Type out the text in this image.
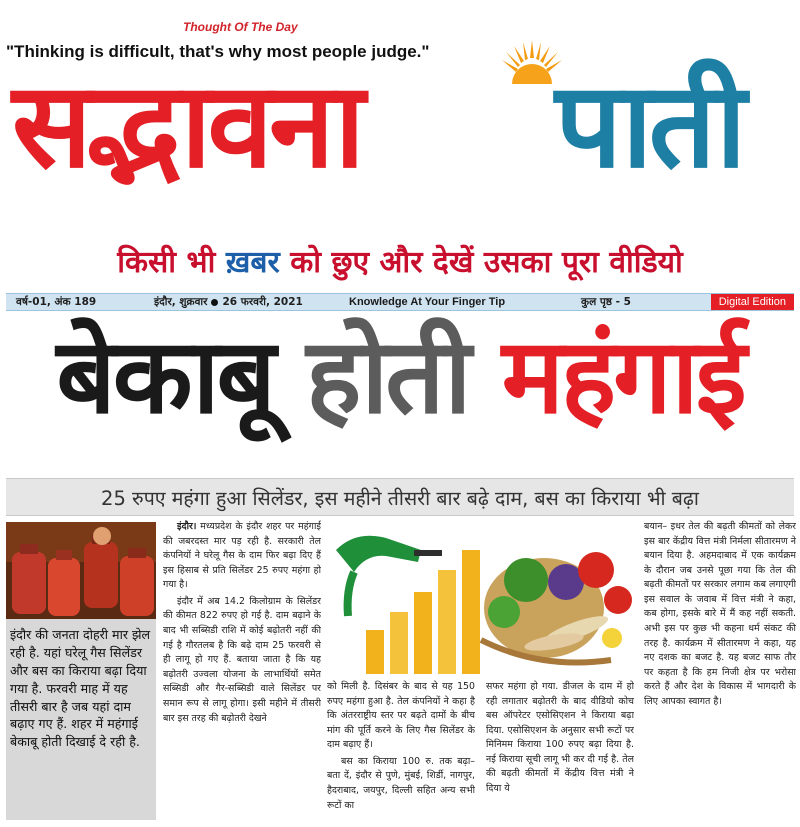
Thought Of The Day
"Thinking is difficult, that's why most people judge."
सद्भावना पाती
किसी भी ख़बर को छुए और देखें उसका पूरा वीडियो
वर्ष-01, अंक 189	इंदौर, शुक्रवार 26 फरवरी, 2021	Knowledge At Your Finger Tip	कुल पृष्ठ - 5	Digital Edition
बेकाबू होती महंगाई
25 रुपए महंगा हुआ सिलेंडर, इस महीने तीसरी बार बढ़े दाम, बस का किराया भी बढ़ा
इंदौर की जनता दोहरी मार झेल रही है. यहां घरेलू गैस सिलेंडर और बस का किराया बढ़ा दिया गया है. फरवरी माह में यह तीसरी बार है जब यहां दाम बढ़ाए गए हैं. शहर में महंगाई बेकाबू होती दिखाई दे रही है.

इंदौर। मध्यप्रदेश के इंदौर शहर पर महंगाई की जबरदस्त मार पड़ रही है. सरकारी तेल कंपनियों ने घरेलू गैस के दाम फिर बढ़ा दिए हैं इस हिसाब से प्रति सिलेंडर 25 रुपए महंगा हो गया है।

इंदौर में अब 14.2 किलोग्राम के सिलेंडर की कीमत 822 रुपए हो गई है. दाम बढ़ाने के बाद भी सब्सिडी राशि में कोई बढ़ोतरी नहीं की गई है गौरतलब है कि बढ़े दाम 25 फरवरी से ही लागू हो गए हैं. बताया जाता है कि यह बढ़ोतरी उज्वला योजना के लाभार्थियों समेत सब्सिडी और गैर-सब्सिडी वाले सिलेंडर पर समान रूप से लागू होगा। इसी महीने में तीसरी बार इस तरह की बढ़ोतरी देखने

को मिली है. दिसंबर के बाद से यह 150 रुपए महंगा हुआ है. तेल कंपनियों ने कहा है कि अंतरराष्ट्रीय स्तर पर बढ़ते दामों के बीच मांग की पूर्ति करने के लिए गैस सिलेंडर के दाम बढ़ाए हैं।

बस का किराया 100 रु. तक बढ़ा– बता दें, इंदौर से पुणे, मुंबई, शिर्डी, नागपुर, हैदराबाद, जयपुर, दिल्ली सहित अन्य सभी रूटों का

सफर महंगा हो गया. डीजल के दाम में हो रही लगातार बढ़ोतरी के बाद वीडियो कोच बस ऑपरेटर एसोसिएशन ने किराया बढ़ा दिया. एसोसिएशन के अनुसार सभी रूटों पर मिनिमम किराया 100 रुपए बढ़ा दिया है. नई किराया सूची लागू भी कर दी गई है. तेल की बढ़ती कीमतों में केंद्रीय वित्त मंत्री ने दिया ये

बयान– इधर तेल की बढ़ती कीमतों को लेकर इस बार केंद्रीय वित्त मंत्री निर्मला सीतारमण ने बयान दिया है. अहमदाबाद में एक कार्यक्रम के दौरान जब उनसे पूछा गया कि तेल की बढ़ती कीमतों पर सरकार लगाम कब लगाएगी इस सवाल के जवाब में वित्त मंत्री ने कहा, कब होगा, इसके बारे में मैं कह नहीं सकती. अभी इस पर कुछ भी कहना धर्म संकट की तरह है. कार्यक्रम में सीतारमण ने कहा, यह नए दशक का बजट है. यह बजट साफ तौर पर कहता है कि हम निजी क्षेत्र पर भरोसा करते हैं और देश के विकास में भागदारी के लिए आपका स्वागत है।
